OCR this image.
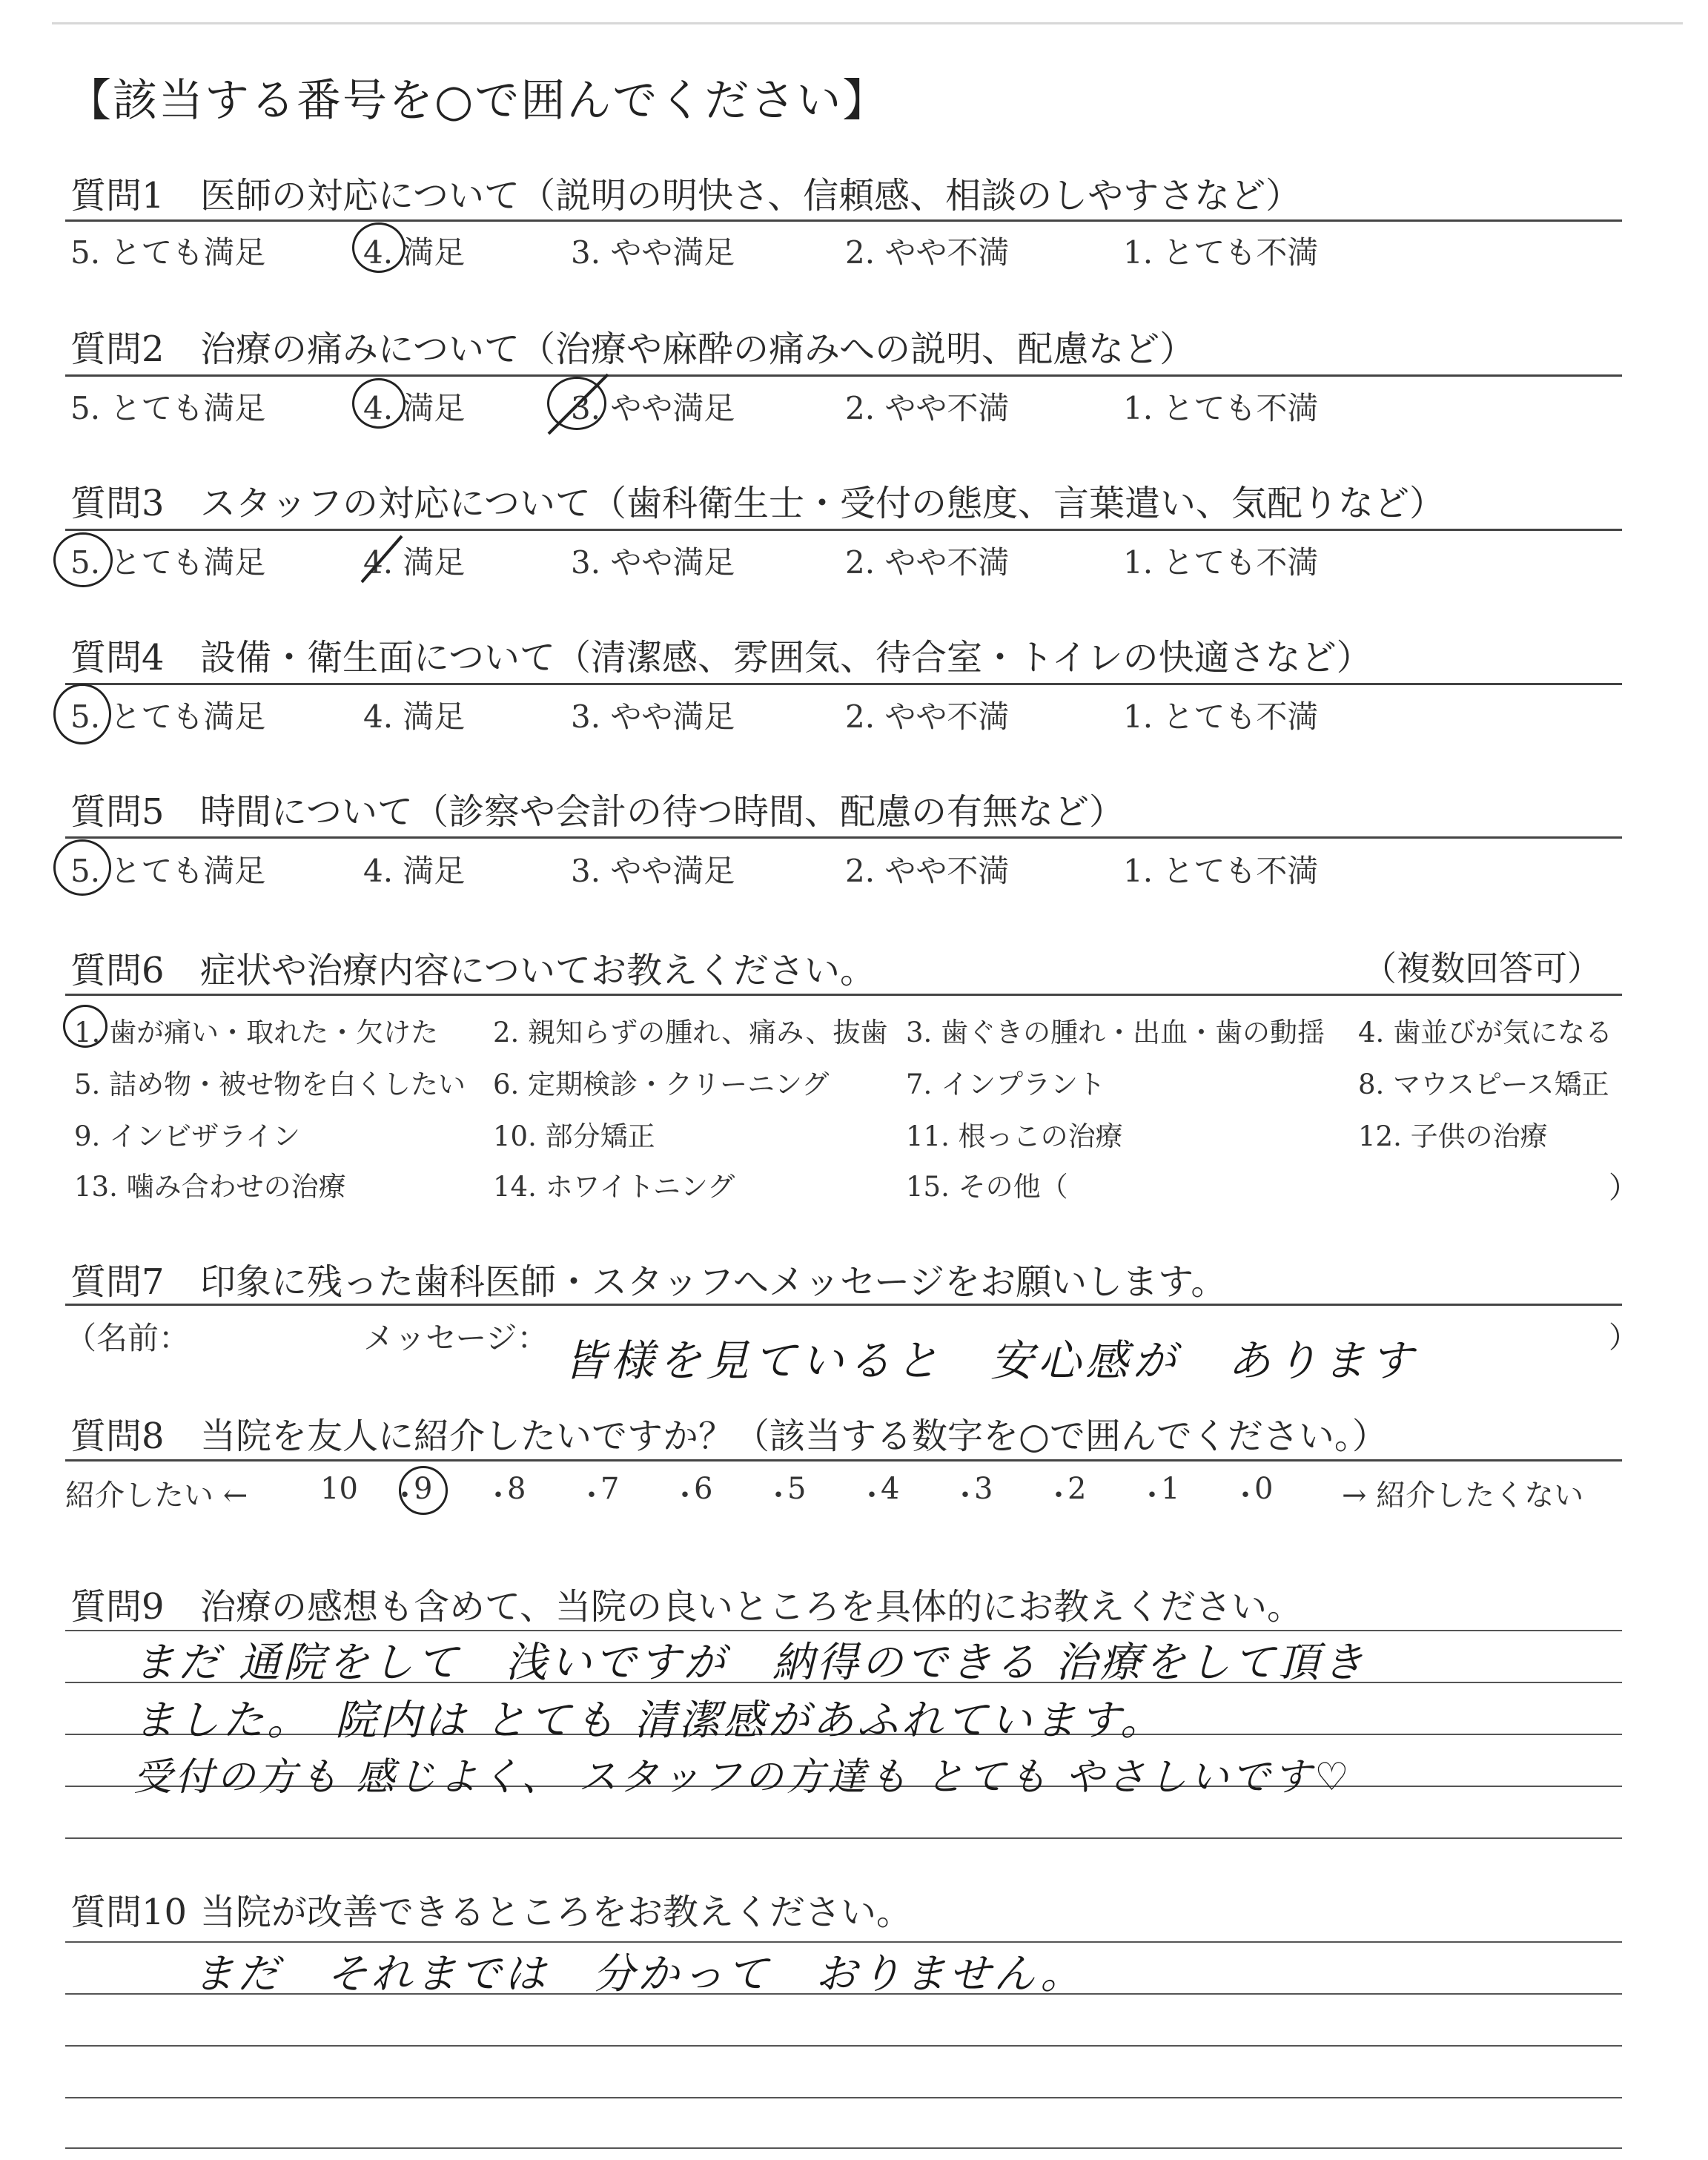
【該当する番号を○で囲んでください】
質問1 医師の対応について（説明の明快さ、信頼感、相談のしやすさなど）
5. とても満足	4. 満足	3. やや満足	2. やや不満	1. とても不満
質問2 治療の痛みについて（治療や麻酔の痛みへの説明、配慮など）
5. とても満足	4. 満足	3. やや満足	2. やや不満	1. とても不満
質問3 スタッフの対応について（歯科衛生士・受付の態度、言葉遣い、気配りなど）
5. とても満足	4. 満足	3. やや満足	2. やや不満	1. とても不満
質問4 設備・衛生面について（清潔感、雰囲気、待合室・トイレの快適さなど）
5. とても満足	4. 満足	3. やや満足	2. やや不満	1. とても不満
質問5 時間について（診察や会計の待つ時間、配慮の有無など）
5. とても満足	4. 満足	3. やや満足	2. やや不満	1. とても不満
質問6 症状や治療内容についてお教えください。	（複数回答可）
1. 歯が痛い・取れた・欠けた 2. 親知らずの腫れ、痛み、抜歯 3. 歯ぐきの腫れ・出血・歯の動揺 4. 歯並びが気になる
5. 詰め物・被せ物を白くしたい 6. 定期検診・クリーニング	7. インプラント	8. マウスピース矯正
9. インビザライン	10. 部分矯正	11. 根っこの治療	12. 子供の治療
13. 噛み合わせの治療	14. ホワイトニング	15. その他（	）
質問7 印象に残った歯科医師・スタッフへメッセージをお願いします。
（名前：	メッセージ： 皆様を見ていると　安心感が　あります	）
質問8 当院を友人に紹介したいですか？（該当する数字を○で囲んでください。）
紹介したい ←	→ 紹介したくない
10 ・
9 ・
8 ・
7 ・
6 ・
5 ・
4 ・
3 ・
2 ・
1 ・
0
質問9 治療の感想も含めて、当院の良いところを具体的にお教えください。
まだ 通院をして　浅いですが　納得のできる 治療をして頂き
ました。　院内は とても 清潔感があふれています。
受付の方も 感じよく、 スタッフの方達も とても やさしいです♡
質問10 当院が改善できるところをお教えください。
まだ　それまでは　分かって　おりません。
